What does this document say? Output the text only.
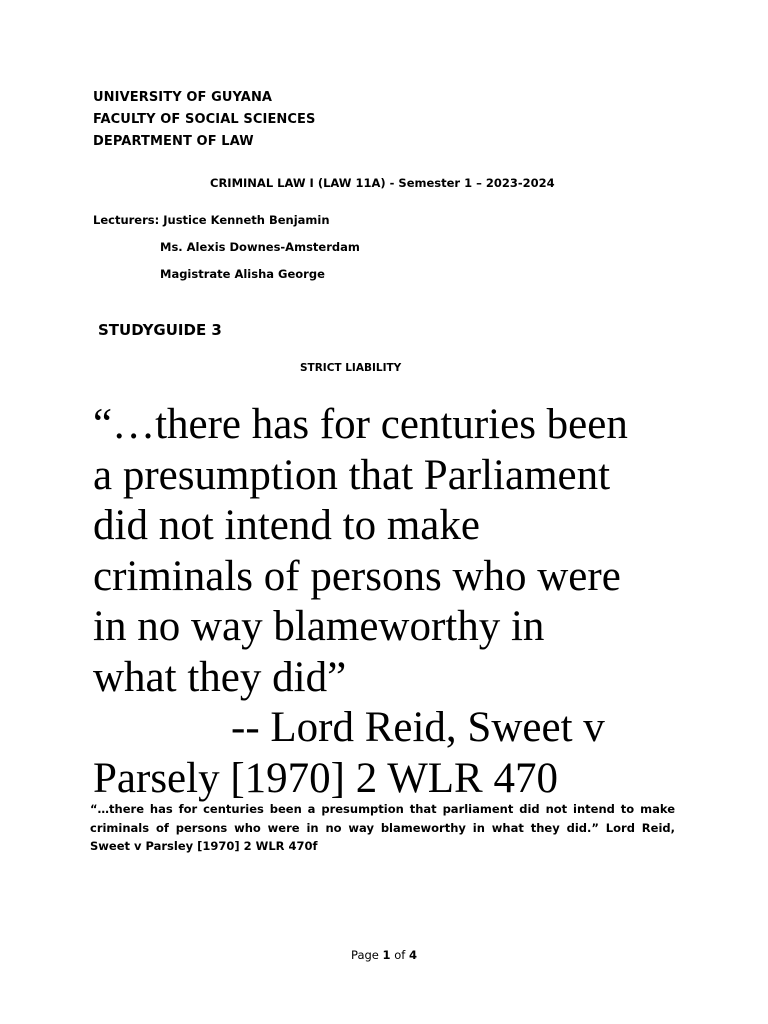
UNIVERSITY OF GUYANA
FACULTY OF SOCIAL SCIENCES
DEPARTMENT OF LAW
CRIMINAL LAW I (LAW 11A) - Semester 1 – 2023-2024
Lecturers: Justice Kenneth Benjamin
Ms. Alexis Downes-Amsterdam
Magistrate Alisha George
STUDYGUIDE 3
STRICT LIABILITY
“…there has for centuries been
a presumption that Parliament
did not intend to make
criminals of persons who were
in no way blameworthy in
what they did”
-- Lord Reid, Sweet v
Parsely [1970] 2 WLR 470
“…there has for centuries been a presumption that parliament did not intend to make criminals of persons who were in no way blameworthy in what they did.” Lord Reid, Sweet v Parsley [1970] 2 WLR 470f
Page 1 of 4
